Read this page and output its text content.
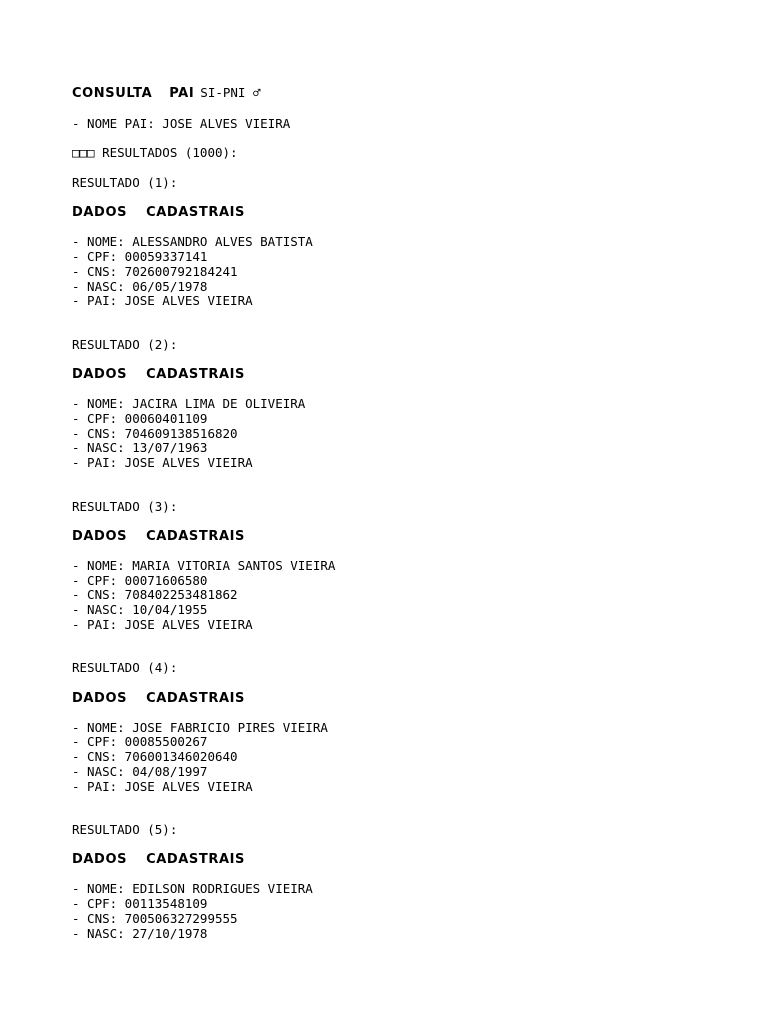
CONSULTA PAI SI-PNI ♂
- NOME PAI: JOSE ALVES VIEIRA
□□□ RESULTADOS (1000):
RESULTADO (1):
DADOS CADASTRAIS
- NOME: ALESSANDRO ALVES BATISTA
- CPF: 00059337141
- CNS: 702600792184241
- NASC: 06/05/1978
- PAI: JOSE ALVES VIEIRA
RESULTADO (2):
DADOS CADASTRAIS
- NOME: JACIRA LIMA DE OLIVEIRA
- CPF: 00060401109
- CNS: 704609138516820
- NASC: 13/07/1963
- PAI: JOSE ALVES VIEIRA
RESULTADO (3):
DADOS CADASTRAIS
- NOME: MARIA VITORIA SANTOS VIEIRA
- CPF: 00071606580
- CNS: 708402253481862
- NASC: 10/04/1955
- PAI: JOSE ALVES VIEIRA
RESULTADO (4):
DADOS CADASTRAIS
- NOME: JOSE FABRICIO PIRES VIEIRA
- CPF: 00085500267
- CNS: 706001346020640
- NASC: 04/08/1997
- PAI: JOSE ALVES VIEIRA
RESULTADO (5):
DADOS CADASTRAIS
- NOME: EDILSON RODRIGUES VIEIRA
- CPF: 00113548109
- CNS: 700506327299555
- NASC: 27/10/1978
